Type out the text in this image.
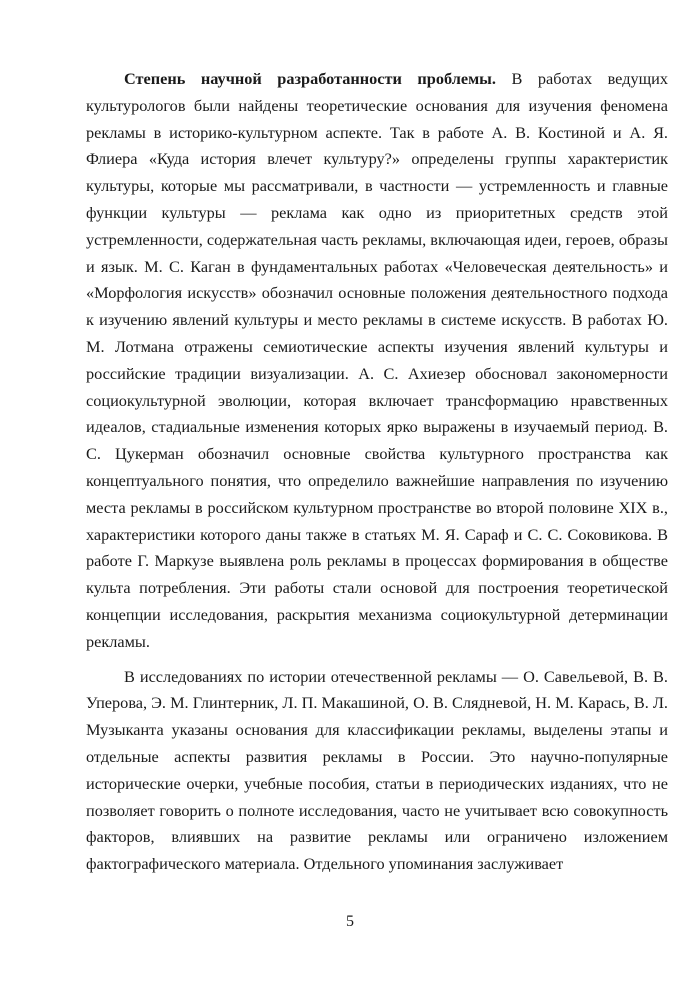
Степень научной разработанности проблемы. В работах ведущих культурологов были найдены теоретические основания для изучения феномена рекламы в историко-культурном аспекте. Так в работе А. В. Костиной и А. Я. Флиера «Куда история влечет культуру?» определены группы характеристик культуры, которые мы рассматривали, в частности — устремленность и главные функции культуры — реклама как одно из приоритетных средств этой устремленности, содержательная часть рекламы, включающая идеи, героев, образы и язык. М. С. Каган в фундаментальных работах «Человеческая деятельность» и «Морфология искусств» обозначил основные положения деятельностного подхода к изучению явлений культуры и место рекламы в системе искусств. В работах Ю. М. Лотмана отражены семиотические аспекты изучения явлений культуры и российские традиции визуализации. А. С. Ахиезер обосновал закономерности социокультурной эволюции, которая включает трансформацию нравственных идеалов, стадиальные изменения которых ярко выражены в изучаемый период. В. С. Цукерман обозначил основные свойства культурного пространства как концептуального понятия, что определило важнейшие направления по изучению места рекламы в российском культурном пространстве во второй половине XIX в., характеристики которого даны также в статьях М. Я. Сараф и С. С. Соковикова. В работе Г. Маркузе выявлена роль рекламы в процессах формирования в обществе культа потребления. Эти работы стали основой для построения теоретической концепции исследования, раскрытия механизма социокультурной детерминации рекламы.

В исследованиях по истории отечественной рекламы — О. Савельевой, В. В. Уперова, Э. М. Глинтерник, Л. П. Макашиной, О. В. Слядневой, Н. М. Карась, В. Л. Музыканта указаны основания для классификации рекламы, выделены этапы и отдельные аспекты развития рекламы в России. Это научно-популярные исторические очерки, учебные пособия, статьи в периодических изданиях, что не позволяет говорить о полноте исследования, часто не учитывает всю совокупность факторов, влиявших на развитие рекламы или ограничено изложением фактографического материала. Отдельного упоминания заслуживает

5
